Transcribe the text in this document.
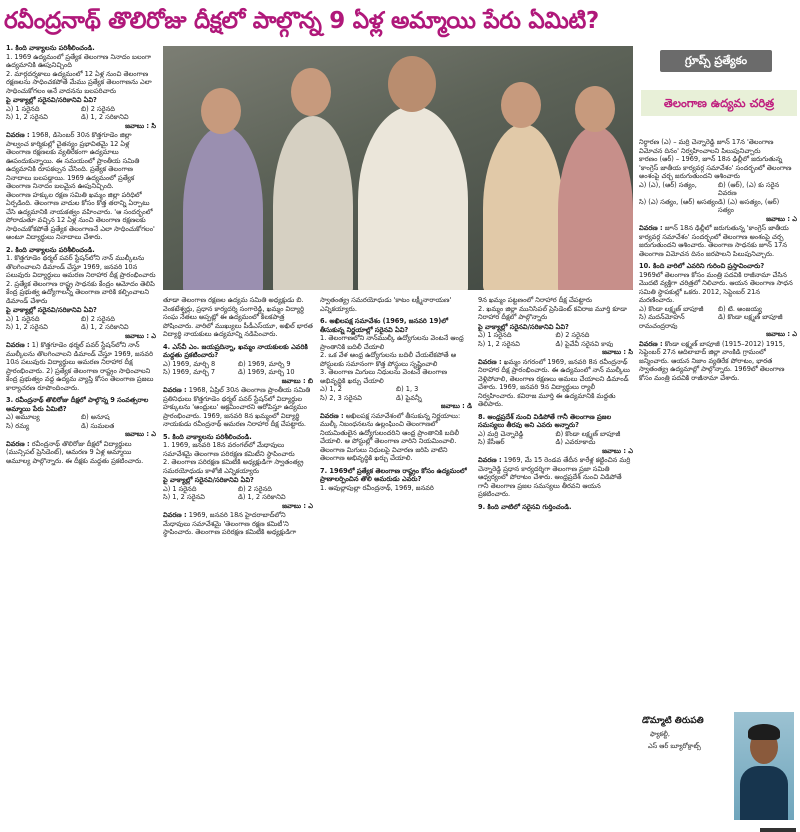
రవీంద్రనాథ్ తొలిరోజు దీక్షలో పాల్గొన్న 9 ఏళ్ల అమ్మాయి పేరు ఏమిటి?
1. కింది వాక్యాలను పరిశీలించండి.
1. 1969 ఉద్యమంలో ప్రత్యేక తెలంగాణ నినాదం బలంగా ఉద్యమానికి ఊపునిచ్చింది
2. మార్గదర్శకాలు ఉద్యమంలో 12 ఏళ్ల నుంచి తెలంగాణ రక్షణలను సాధించకపోతే మేము ప్రత్యేక తెలంగాణను ఎలా సాధించుకోగలం అనే వాదనను బలపరిచారు
పై వాక్యాల్లో సరైనవి/సరికానివి ఏవి?
ఎ) 1 సరైనది	బి) 2 సరైనది
సి) 1, 2 సరైనవి	డి) 1, 2 సరికానివి
జవాబు : సి
వివరణ : 1968, డిసెంబర్ 30న కొత్తగూడెం జిల్లా పాల్వంచ కార్మికుల్లో చైతన్యం ప్రభావితమై 12 ఏళ్ల తెలంగాణ రక్షణలకు వ్యతిరేకంగా ఉద్యమాలు ఊపందుకున్నాయి. ఈ సమయంలో ప్రాంతీయ సమితి ఉద్యమానికి రూపకల్పన చేసింది. ప్రత్యేక తెలంగాణ నినాదాలు బలపడ్డాయి. 1969 ఉద్యమంలో ప్రత్యేక తెలంగాణ నినాదం బలమైన ఊపునిచ్చింది.
తెలంగాణ హక్కుల రక్షణ సమితి ఖమ్మం జిల్లా పరిధిలో ఏర్పడింది. తెలంగాణ వాదుల కోసం కొత్త తరాన్ని ఏర్పాటు చేసి ఉద్యమానికి నాయకత్వం వహించారు. 'ఆ సందర్భంలో పోరాడుతూ వచ్చిన 12 ఏళ్ల నుంచి తెలంగాణ రక్షణలకు సాధించుకోకపోతే ప్రత్యేక తెలంగాణనే ఎలా సాధించుకోగలం' అంటూ విద్యార్థులు నినాదాలు చేశారు.
2. కింది వాక్యాలను పరిశీలించండి.
1. కొత్తగూడెం థర్మల్ పవర్ స్టేషన్‌లోని నాన్ ముల్కీలను తొలగించాలని డిమాండ్ చేస్తూ 1969, జనవరి 10న పలువురు విద్యార్థులు ఆమరణ నిరాహార దీక్ష ప్రారంభించారు
2. ప్రత్యేక తెలంగాణ రాష్ట్ర సాధనకు కేంద్రం ఆమోదం తెలిపి కేంద్ర ప్రభుత్వ ఉద్యోగాలన్నీ తెలంగాణ వారికి కల్పించాలని డిమాండ్ చేశారు
పై వాక్యాల్లో సరైనవి/సరికానివి ఏవి?
ఎ) 1 సరైనది	బి) 2 సరైనది
సి) 1, 2 సరైనవి	డి) 1, 2 సరికానివి
జవాబు : ఎ
వివరణ : 1) కొత్తగూడెం థర్మల్ పవర్ స్టేషన్‌లోని నాన్ ముల్కీలను తొలగించాలని డిమాండ్ చేస్తూ 1969, జనవరి 10న పలువురు విద్యార్థులు ఆమరణ నిరాహార దీక్ష ప్రారంభించారు. 2) ప్రత్యేక తెలంగాణ రాష్ట్రం సాధించాలని కేంద్ర ప్రభుత్వం వద్ద ఉద్యమ వ్యాప్తి కోసం తెలంగాణ ప్రజలు కార్యాచరణ రూపొందించారు.
3. రవీంద్రనాథ్ తొలిరోజు దీక్షలో పాల్గొన్న 9 సంవత్సరాల అమ్మాయి పేరు ఏమిటి?
ఎ) అమూల్య	బి) అనూష
సి) రమ్య	డి) సుమలత
జవాబు : ఎ
వివరణ : రవీంద్రనాథ్ తొలిరోజు దీక్షలో విద్యార్థులు (మున్సిపల్ ప్రెసిడెంట్), ఆమరణ 9 ఏళ్ల అమ్మాయి అమూల్య పాల్గొన్నారు. ఈ దీక్షకు మద్దతు ప్రకటించారు.
గ్రూప్స్ ప్రత్యేకం
తెలంగాణ ఉద్యమ చరిత్ర
తూడా తెలంగాణ రక్షణల ఉద్యమ సమితి అధ్యక్షుడు బి. వెంకటేశ్వర్లు, ప్రధాన కార్యదర్శి సంగారెడ్డి, ఖమ్మం విద్యార్థి సంఘ నేతలు అప్పట్లో ఈ ఉద్యమంలో కీలకపాత్ర పోషించారు. వారిలో ముఖ్యులు పీడీఎస్‌యూ, అఖిల్ భారత విద్యార్థి నాయకులు ఉద్యమాన్ని నడిపించారు.
4. ఎస్‌వీ ఎం. జయప్రదిన్నా, ఖమ్మం నాయకులకు ఎవరికి మద్దతు ప్రకటించారు?
ఎ) 1969, మార్చి 8	బి) 1969, మార్చి 9
సి) 1969, మార్చి 7	డి) 1969, మార్చి 10
జవాబు : బి
వివరణ : 1968, ఏప్రిల్ 30న తెలంగాణ ప్రాంతీయ సమితి ప్రతినిధులు కొత్తగూడెం థర్మల్ పవర్ స్టేషన్‌లో విద్యార్థుల హక్కులను 'ఆంధ్రులు' ఆక్రమించారని ఆరోపిస్తూ ఉద్యమం ప్రారంభించారు. 1969, జనవరి 8న ఖమ్మంలో విద్యార్థి నాయకుడు రవీంద్రనాథ్ ఆమరణ నిరాహార దీక్ష చేపట్టారు.
5. కింది వాక్యాలను పరిశీలించండి.
1. 1969, జనవరి 18న వరంగల్‌లో మేధావులు సమావేశమై తెలంగాణ పరిరక్షణ కమిటీని స్థాపించారు
2. తెలంగాణ పరిరక్షణ కమిటీకి అధ్యక్షుడిగా స్వాతంత్య్ర సమరయోధుడు కాళోజీ ఎన్నికయ్యారు
పై వాక్యాల్లో సరైనవి/సరికానివి ఏవి?
ఎ) 1 సరైనది	బి) 2 సరైనది
సి) 1, 2 సరైనవి	డి) 1, 2 సరికానివి
జవాబు : ఎ
వివరణ : 1969, జనవరి 18న హైదరాబాద్‌లోని మేధావులు సమావేశమై 'తెలంగాణ రక్షణ కమిటీ'ని స్థాపించారు. తెలంగాణ పరిరక్షణ కమిటీకి అధ్యక్షుడిగా
స్వాతంత్య్ర సమరయోధుడు 'కాటం లక్ష్మీనారాయణ' ఎన్నికయ్యారు.
6. అఖిలపక్ష సమావేశం (1969, జనవరి 19)లో తీసుకున్న నిర్ణయాల్లో సరైనవి ఏవి?
1. తెలంగాణలోని నాన్‌ముల్కీ ఉద్యోగులను వెంటనే ఆంధ్ర ప్రాంతానికి బదిలీ చేయాలి
2. ఒక వేళ ఆంధ్ర ఉద్యోగులను బదిలీ చేయలేకపోతే ఆ పోస్టులకు సమానంగా కొత్త పోస్టులు సృష్టించాలి
3. తెలంగాణ మిగులు నిధులను వెంటనే తెలంగాణ అభివృద్ధికి ఖర్చు చేయాలి
ఎ) 1, 2	బి) 1, 3
సి) 2, 3 సరైనవి	డి) పైవన్నీ
జవాబు : డి
వివరణ : అఖిలపక్ష సమావేశంలో తీసుకున్న నిర్ణయాలు: ముల్కీ నిబంధనలను ఉల్లంఘించి తెలంగాణలో నియమితులైన ఉద్యోగులందరిని ఆంధ్ర ప్రాంతానికి బదిలీ చేయాలి. ఆ పోస్టుల్లో తెలంగాణ వారిని నియమించాలి. తెలంగాణ మిగులు నిధులపై విచారణ జరిపి వాటిని తెలంగాణ అభివృద్ధికి ఖర్చు చేయాలి.
7. 1969లో ప్రత్యేక తెలంగాణ రాష్ట్రం కోసం ఉద్యమంలో ప్రాణాలర్పించిన తొలి అమరుడు ఎవరు?
1. ఆవుల్లాపుల్లా రవీంద్రనాథ్, 1969, జనవరి
9న ఖమ్మం పట్టణంలో నిరాహార దీక్ష చేపట్టారు
2. ఖమ్మం జిల్లా మునిసిపల్ ప్రెసిడెంట్ కవిరాజ మూర్తి కూడా నిరాహార దీక్షలో పాల్గొన్నారు
పై వాక్యాల్లో సరైనవి/సరికానివి ఏవి?
ఎ) 1 సరైనది	బి) 2 సరైనది
సి) 1, 2 సరైనవి	డి) పైవేవీ సరైనవి కావు
జవాబు : సి
వివరణ : ఖమ్మం నగరంలో 1969, జనవరి 8న రవీంద్రనాథ్ నిరాహార దీక్ష ప్రారంభించారు. ఈ ఉద్యమంలో నాన్ ముల్కీలు వెళ్లిపోవాలి, తెలంగాణ రక్షణలు అమలు చేయాలని డిమాండ్ చేశారు. 1969, జనవరి 9న విద్యార్థులు ర్యాలీ నిర్వహించారు. కవిరాజ మూర్తి ఈ ఉద్యమానికి మద్దతు తెలిపారు.
8. ఆంధ్రప్రదేశ్ నుంచి విడిపోతే గానీ తెలంగాణ ప్రజల సమస్యలు తీరవు అని ఎవరు అన్నారు?
ఎ) మర్రి చెన్నారెడ్డి	బి) కొండా లక్ష్మణ్ బాపూజీ
సి) కేసీఆర్	డి) ఎవరూకాదు
జవాబు : ఎ
వివరణ : 1969, మే 15 రెండవ తేదీన కారేళ్ల కట్టించిన మర్రి చెన్నారెడ్డి ప్రధాన కార్యదర్శిగా తెలంగాణ ప్రజా సమితి ఆధ్వర్యంలో పోరాటం చేశారు. ఆంధ్రప్రదేశ్ నుంచి విడిపోతే గానీ తెలంగాణ ప్రజల సమస్యలు తీరవని ఆయన ప్రకటించారు.
9. కింది వాటిలో సరైనవి గుర్తించండి.
నిర్ధారణ (ఎ) – మర్రి చెన్నారెడ్డి జూన్ 17న 'తెలంగాణ విమోచన దినం' నిర్వహించాలని పిలుపునిచ్చారు
కారణం (ఆర్) – 1969, జూన్ 18న ఢిల్లీలో జరుగుతున్న 'కాంగ్రెస్ జాతీయ కార్యవర్గ సమావేశం' సందర్భంలో తెలంగాణ అంశంపై చర్చ జరుగుతుందని ఆశించారు
ఎ) (ఎ), (ఆర్) సత్యం,	బి) (ఆర్), (ఎ) కు సరైన వివరణ
సి) (ఎ) సత్యం, (ఆర్) అసత్యం డి) (ఎ) అసత్యం, (ఆర్) సత్యం
జవాబు : ఎ
వివరణ : జూన్ 18న ఢిల్లీలో జరుగుతున్న 'కాంగ్రెస్ జాతీయ కార్యవర్గ సమావేశం' సందర్భంలో తెలంగాణ అంశంపై చర్చ జరుగుతుందని ఆశించారు. తెలంగాణ సాధనకు జూన్ 17న తెలంగాణ విమోచన దినం జరపాలని పిలుపునిచ్చారు.
10. కింది వారిలో ఎవరిని గురించి ప్రస్తావించారు?
1969లో తెలంగాణ కోసం మంత్రి పదవికి రాజీనామా చేసిన మొదటి వ్యక్తిగా చరిత్రలో నిలిచారు. ఆయన తెలంగాణ సాధన సమితి స్థాపకుల్లో ఒకరు. 2012, సెప్టెంబర్ 21న మరణించారు.
ఎ) కొండా లక్ష్మణ్ బాపూజీ	బి) టి. అంజయ్య
సి) మదన్‌మోహన్ రామచంద్రరావు
డి) కొండా లక్ష్మణ్ బాపూజీ
జవాబు : ఎ
వివరణ : కొండా లక్ష్మణ్ బాపూజీ (1915–2012) 1915, సెప్టెంబర్ 27న ఆదిలాబాద్ జిల్లా వాంకిడి గ్రామంలో జన్మించారు. ఆయన నిజాం వ్యతిరేక పోరాటం, భారత స్వాతంత్య్ర ఉద్యమాల్లో పాల్గొన్నారు. 1969లో తెలంగాణ కోసం మంత్రి పదవికి రాజీనామా చేశారు.
డొమ్మాటి తిరుపతి
ఫ్యాకల్టీ,
ఎస్ ఆర్ బ్యూరోక్రాట్స్
